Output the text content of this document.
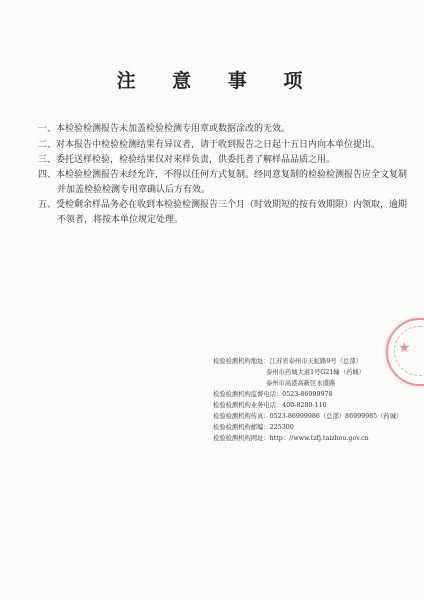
注 意 事 项

一、本检验检测报告未加盖检验检测专用章或数据涂改的无效。

二、对本报告中检验检测结果有异议者，请于收到报告之日起十五日内向本单位提出。

三、委托送样检验，检验结果仅对来样负责，供委托者了解样品品质之用。

四、本检验检测报告未经允许，不得以任何方式复制。经同意复制的检验检测报告应全文复制并加盖检验检测专用章确认后方有效。

五、受检剩余样品务必在收到本检验检测报告三个月（时效期短的按有效期限）内领取，逾期不领者，将按本单位规定处理。

检验检测机构地址： 江苏省泰州市天虹路9号（总部）
泰州市药城大道1号G21幢（药城）
泰州市高港高新区永盛路
检验检测机构监督电话： 0523-86999978
检验检测机构业务电话： 400-8280-110
检验检测机构传真： 0523-86999986（总部）86999985（药城）
检验检测机构邮编： 225300
检验检测机构网址： http：//www.tzfj.taizhou.gov.cn
★
